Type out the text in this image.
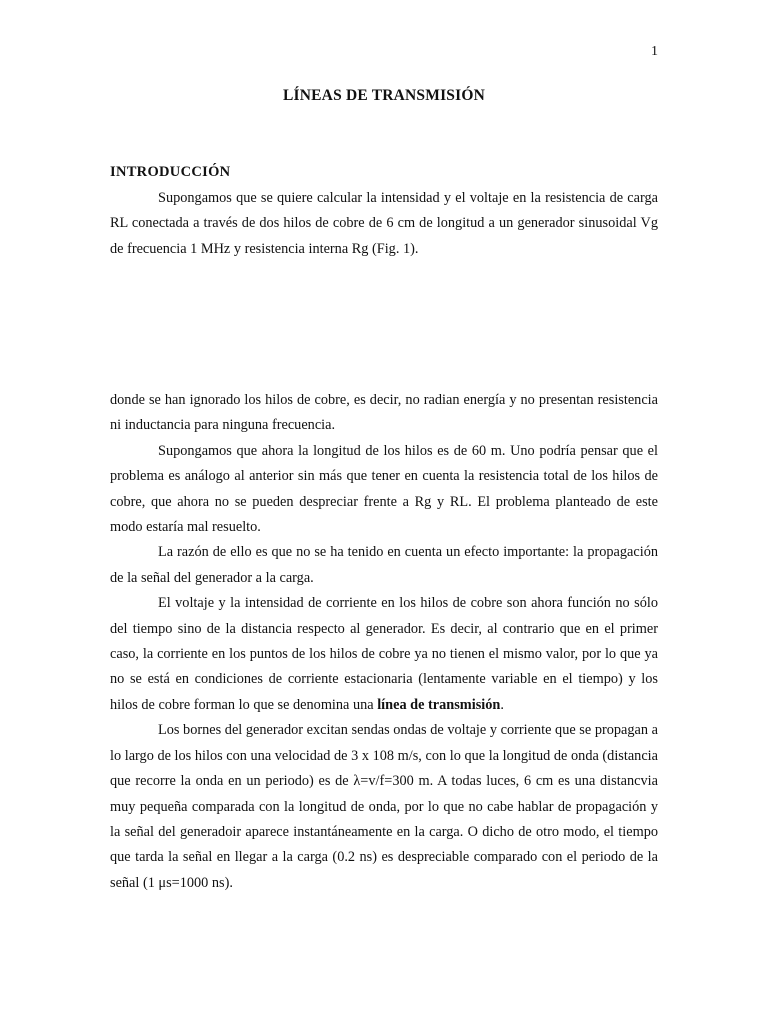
1
LÍNEAS DE TRANSMISIÓN
INTRODUCCIÓN

Supongamos que se quiere calcular la intensidad y el voltaje en la resistencia de carga RL conectada a través de dos hilos de cobre de 6 cm de longitud a un generador sinusoidal Vg de frecuencia 1 MHz y resistencia interna Rg (Fig. 1).

donde se han ignorado los hilos de cobre, es decir, no radian energía y no presentan resistencia ni inductancia para ninguna frecuencia.

Supongamos que ahora la longitud de los hilos es de 60 m. Uno podría pensar que el problema es análogo al anterior sin más que tener en cuenta la resistencia total de los hilos de cobre, que ahora no se pueden despreciar frente a Rg y RL. El problema planteado de este modo estaría mal resuelto.

La razón de ello es que no se ha tenido en cuenta un efecto importante: la propagación de la señal del generador a la carga.

El voltaje y la intensidad de corriente en los hilos de cobre son ahora función no sólo del tiempo sino de la distancia respecto al generador. Es decir, al contrario que en el primer caso, la corriente en los puntos de los hilos de cobre ya no tienen el mismo valor, por lo que ya no se está en condiciones de corriente estacionaria (lentamente variable en el tiempo) y los hilos de cobre forman lo que se denomina una línea de transmisión.

Los bornes del generador excitan sendas ondas de voltaje y corriente que se propagan a lo largo de los hilos con una velocidad de 3 x 108 m/s, con lo que la longitud de onda (distancia que recorre la onda en un periodo) es de λ=v/f=300 m. A todas luces, 6 cm es una distancvia muy pequeña comparada con la longitud de onda, por lo que no cabe hablar de propagación y la señal del generadoir aparece instantáneamente en la carga. O dicho de otro modo, el tiempo que tarda la señal en llegar a la carga (0.2 ns) es despreciable comparado con el periodo de la señal (1 μs=1000 ns).
